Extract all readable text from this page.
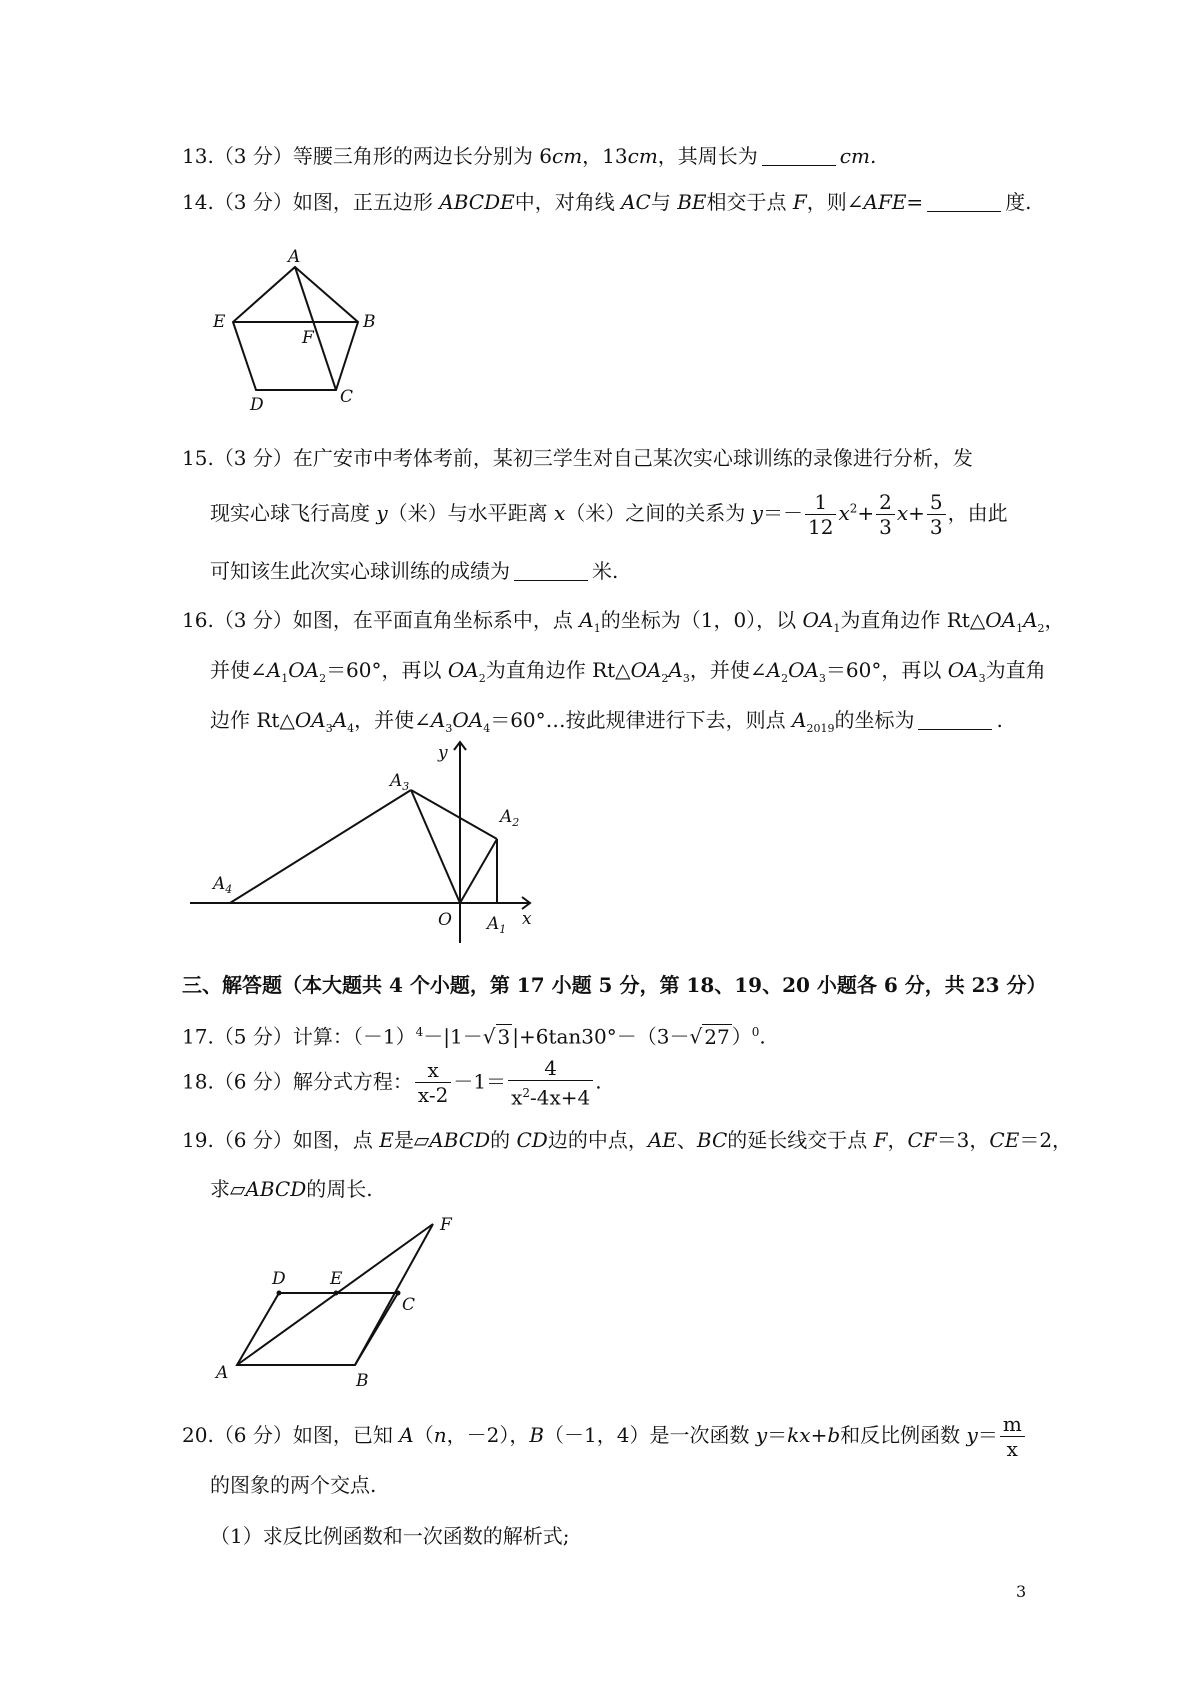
13.（3 分）等腰三角形的两边长分别为 6cm，13cm，其周长为	cm.
14.（3 分）如图，正五边形 ABCDE中，对角线 AC与 BE相交于点 F，则∠AFE=	度.
A
B
C
D
E
F
15.（3 分）在广安市中考体考前，某初三学生对自己某次实心球训练的录像进行分析，发
现实心球飞行高度 y（米）与水平距离 x（米）之间的关系为 $y=- \frac{1}{12} x^2+ \frac{2}{3} x+ \frac{5}{3}$ ，由此
可知该生此次实心球训练的成绩为	米.
16.（3 分）如图，在平面直角坐标系中，点 $A_1$的坐标为（1，0），以 $OA_1$为直角边作 $Rt\triangle OA_1A_2$，
并使$\angle A_1OA_2=60^\circ$，再以 $OA_2$为直角边作 $Rt\triangle OA_2A_3$，并使$\angle A_2OA_3=60^\circ$，再以 $OA_3$为直角
边作 $Rt\triangle OA_3A_4$，并使$\angle A_3OA_4=60^\circ\dots$按此规律进行下去，则点 $A_{2019}$的坐标为	.
y
x
O $A_1$
$A_2$
$A_3$
$A_4$
三、解答题（本大题共 4 个小题，第 17 小题 5 分，第 18、19、20 小题各 6 分，共 23 分）
17.（5 分）计算：$(-1)^4-|1-√$ 3 |+6tan30°－（3－√ 27 ）$^0$.
18.（6 分）解分式方程： $\frac{x}{x-2} -1= \frac{4}{x^2-4x+4}$ .
19.（6 分）如图，点 E是▱ABCD的 CD边的中点，AE、BC的延长线交于点 F，CF＝3，CE＝2，
求▱ABCD的周长.
A	B
C
D	E
F
20.（6 分）如图，已知 A（n，－2），B（－1，4）是一次函数 y＝kx+b和反比例函数 $y= \frac{m}{x}$
的图象的两个交点.
（1）求反比例函数和一次函数的解析式;
3
